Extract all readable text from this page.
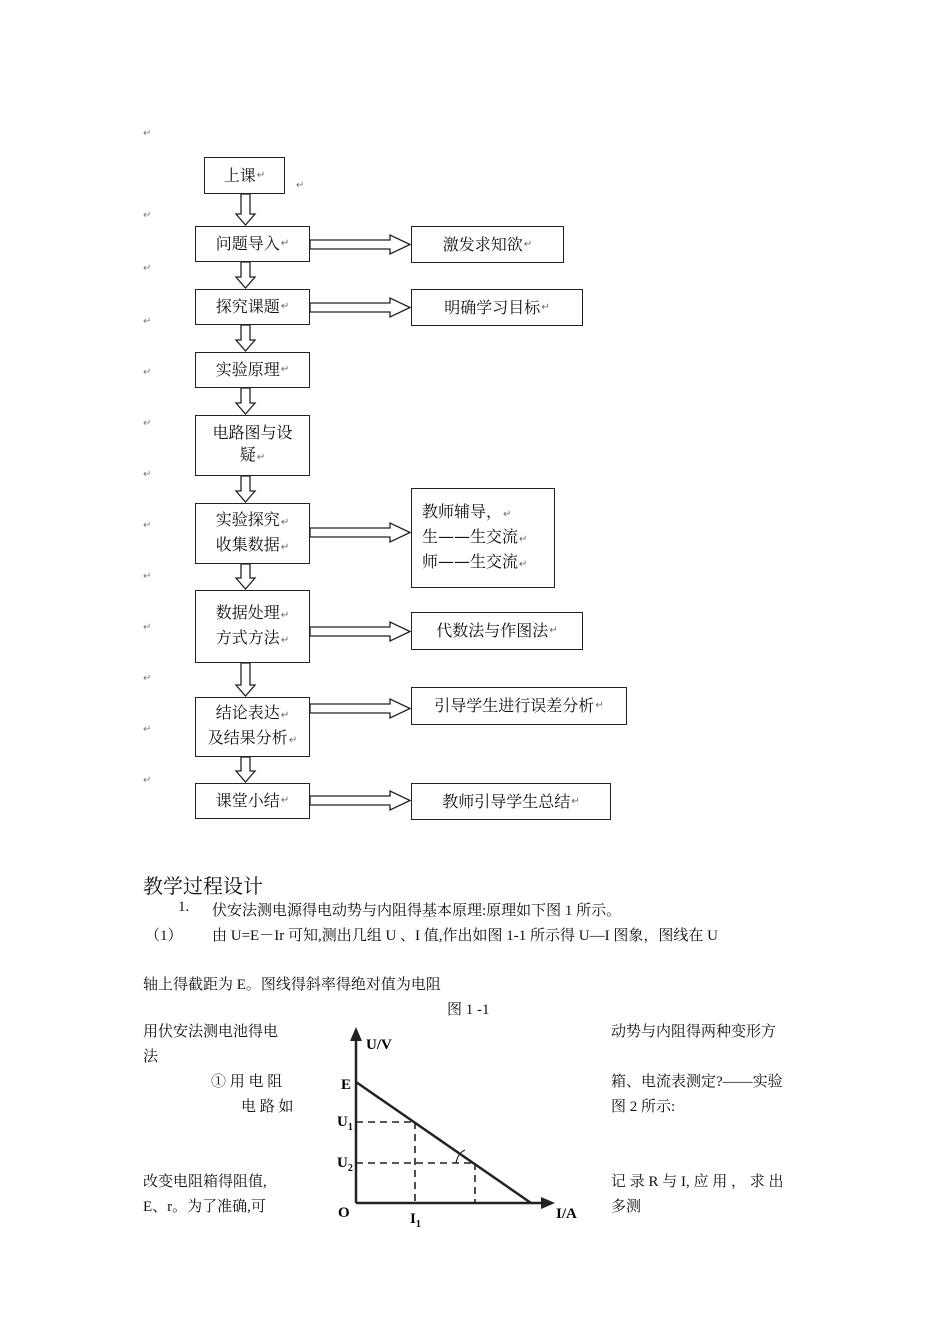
↵
↵
↵
↵
↵
↵
↵
↵
↵
↵
↵
↵
↵
上课 ↵
↵
问题导入 ↵
探究课题 ↵
实验原理 ↵
电路图与设
疑↵
实验探究↵
收集数据↵
数据处理↵
方式方法↵
结论表达↵
及结果分析↵
课堂小结 ↵
激发求知欲 ↵
明确学习目标 ↵
教师辅导，↵
生——生交流↵
师——生交流↵
代数法与作图法 ↵
引导学生进行误差分析 ↵
教师引导学生总结 ↵
教学过程设计
1. 伏安法测电源得电动势与内阻得基本原理:原理如下图 1 所示。
（1） 由 U=E－Ir 可知,测出几组 U 、I 值,作出如图 1-1 所示得 U—I 图象，图线在 U
轴上得截距为 E。图线得斜率得绝对值为电阻
图 1 -1
用伏安法测电池得电
法
① 用 电 阻
电 路 如
改变电阻箱得阻值,
E、r。为了准确,可
动势与内阻得两种变形方
箱、电流表测定?——实验
图 2 所示:
记 录 R 与 I, 应 用 ， 求 出
多测
U/V
E
$U_1$
$U_2$
O	$I_1$
I/A
